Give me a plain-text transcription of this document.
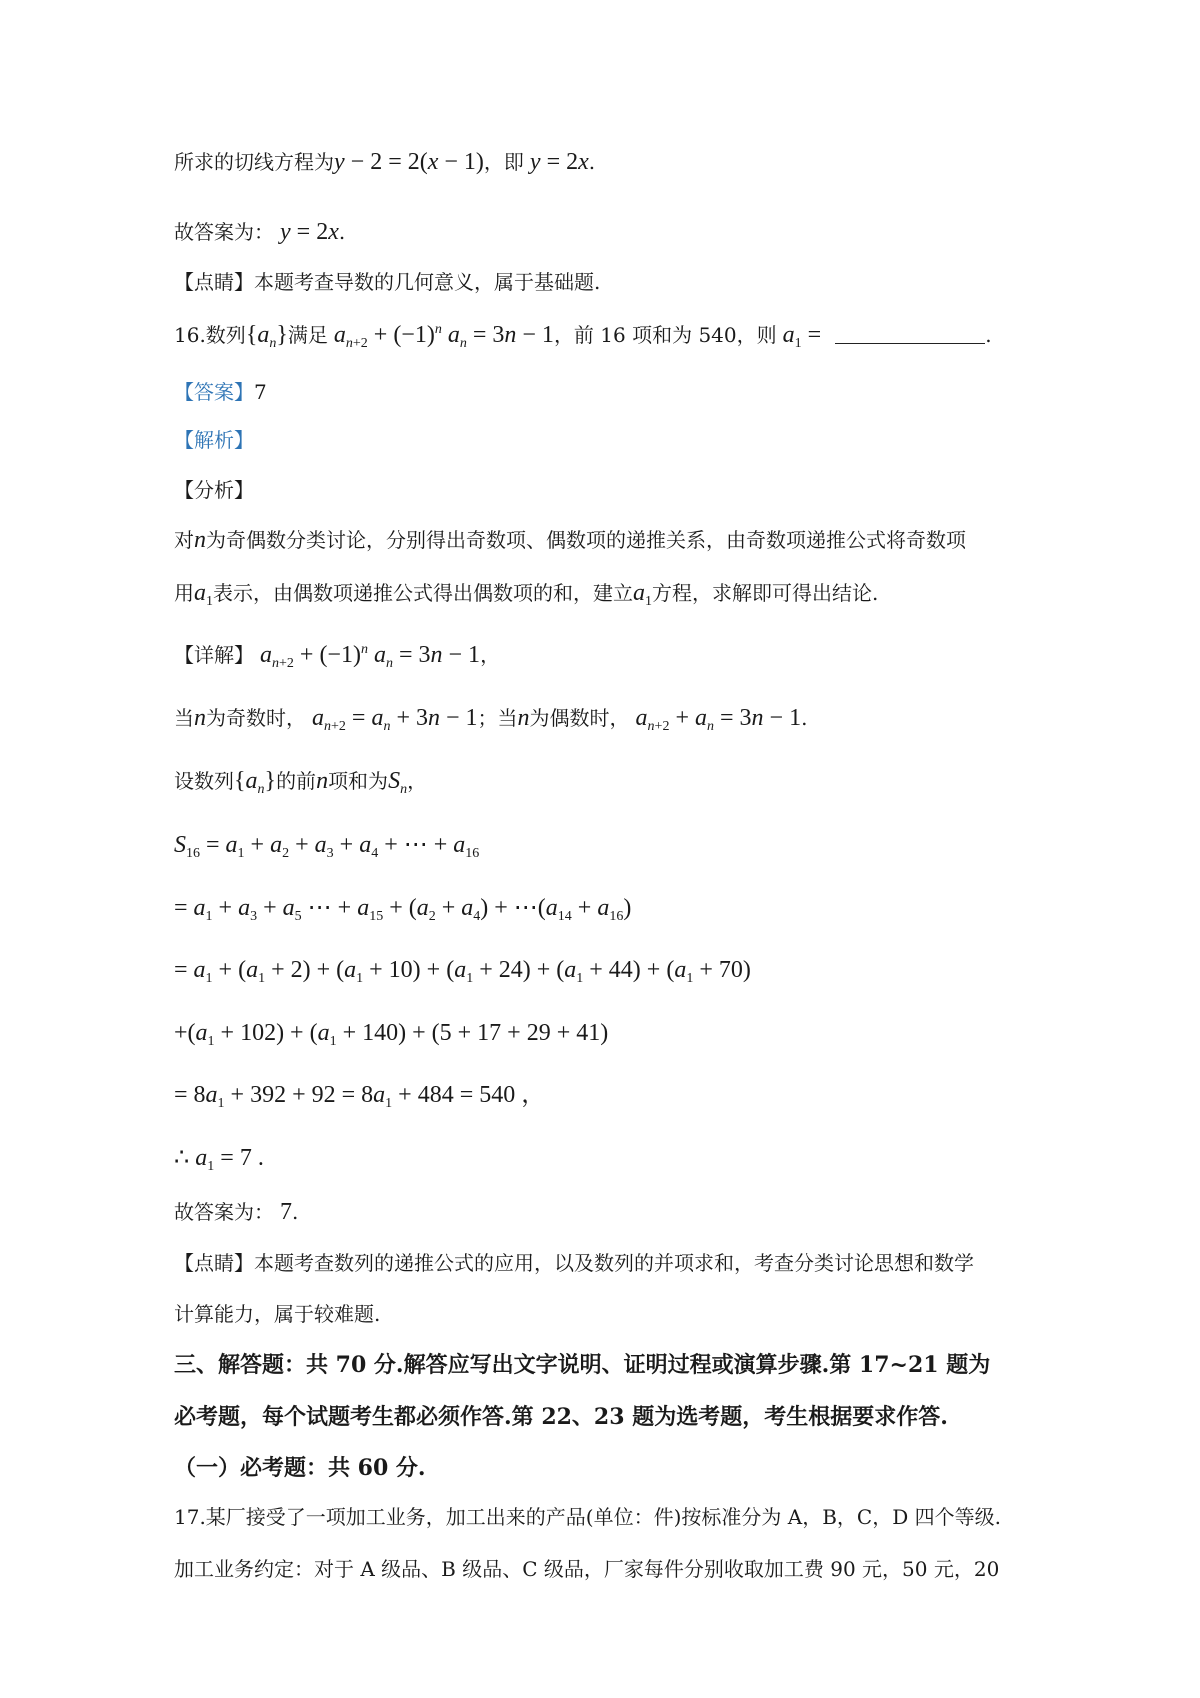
所求的切线方程为y − 2 = 2(x − 1)，即 y = 2x.
故答案为： y = 2x.
【点睛】本题考查导数的几何意义，属于基础题.
16.数列$\{a_n\}$满足 $a_{n+2} + (-1)^n$ $a_n = 3n - 1$，前 16 项和为 540，则 $a_1$ =	.
【答案】7
【解析】
【分析】
对n为奇偶数分类讨论，分别得出奇数项、偶数项的递推关系，由奇数项递推公式将奇数项
用$a_1$表示，由偶数项递推公式得出偶数项的和，建立$a_1$方程，求解即可得出结论.
【详解】 $a_{n+2} + (-1)^n$ $a_n = 3n - 1$，
当n为奇数时， $a_{n+2} = a_n + 3n - 1$；当n为偶数时， $a_{n+2} + a_n = 3n - 1$.
设数列$\{a_n\}$的前n项和为$S_n$，
$S_{16} = a_1 + a_2 + a_3 + a_4$ + ⋯ + $a_{16}$
= $a_1 + a_3 + a_5$ ⋯ + $a_{15} + (a_2 + a_4)$ + $\cdots(a_{14} + a_{16})$
= $a_1 + (a_1 + 2) + (a_1 + 10) + (a_1 + 24) + (a_1 + 44) + (a_1 + 70)$
$+(a_1 + 102) + (a_1 + 140) + (5 + 17 + 29 + 41)$
= $8a_1 + 392 + 92 = 8a_1 + 484 = 540$ ，
∴ $a_1 = 7$ .
故答案为： 7.
【点睛】本题考查数列的递推公式的应用，以及数列的并项求和，考查分类讨论思想和数学
计算能力，属于较难题.
三、解答题：共 70 分.解答应写出文字说明、证明过程或演算步骤.第 17~21 题为
必考题，每个试题考生都必须作答.第 22、23 题为选考题，考生根据要求作答.
（一）必考题：共 60 分.
17.某厂接受了一项加工业务，加工出来的产品(单位：件)按标准分为 A，B，C，D 四个等级.
加工业务约定：对于 A 级品、B 级品、C 级品，厂家每件分别收取加工费 90 元，50 元，20
